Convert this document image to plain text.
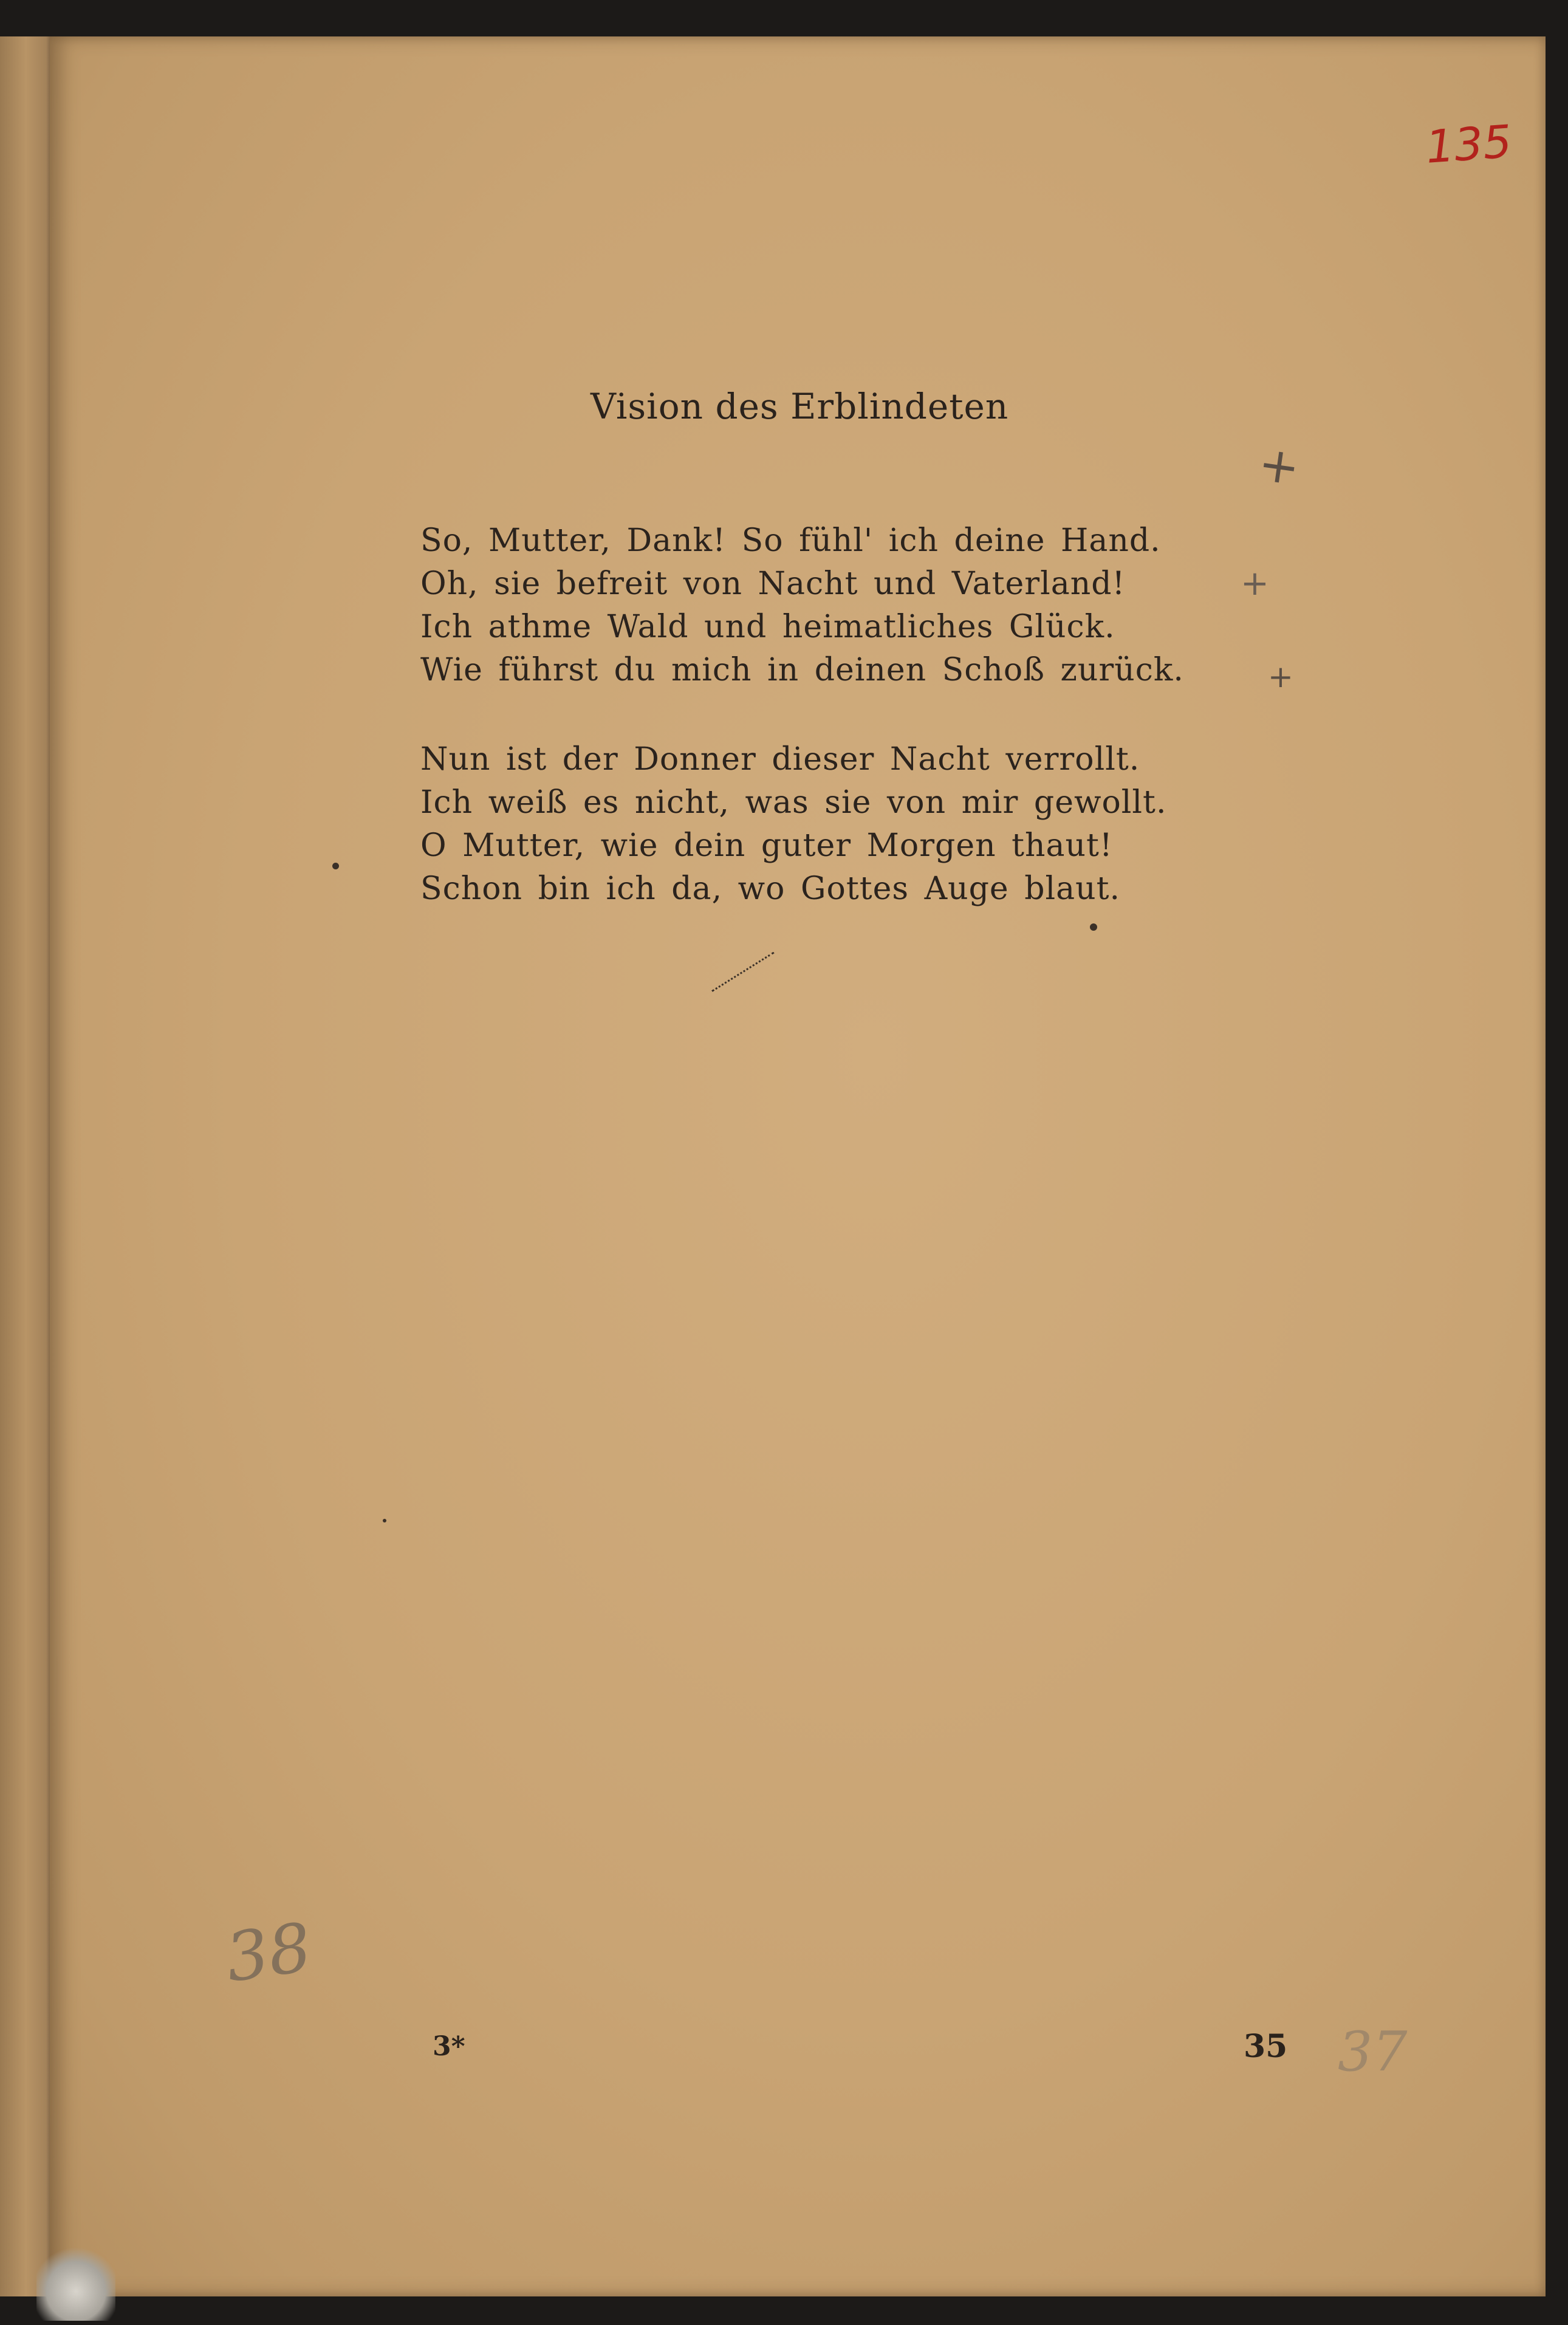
135
Vision des Erblindeten
+
+
+
So, Mutter, Dank! So fühl' ich deine Hand.
Oh, sie befreit von Nacht und Vaterland!
Ich athme Wald und heimatliches Glück.
Wie führst du mich in deinen Schoß zurück.
Nun ist der Donner dieser Nacht verrollt.
Ich weiß es nicht, was sie von mir gewollt.
O Mutter, wie dein guter Morgen thaut!
Schon bin ich da, wo Gottes Auge blaut.
38
3*	35 37
